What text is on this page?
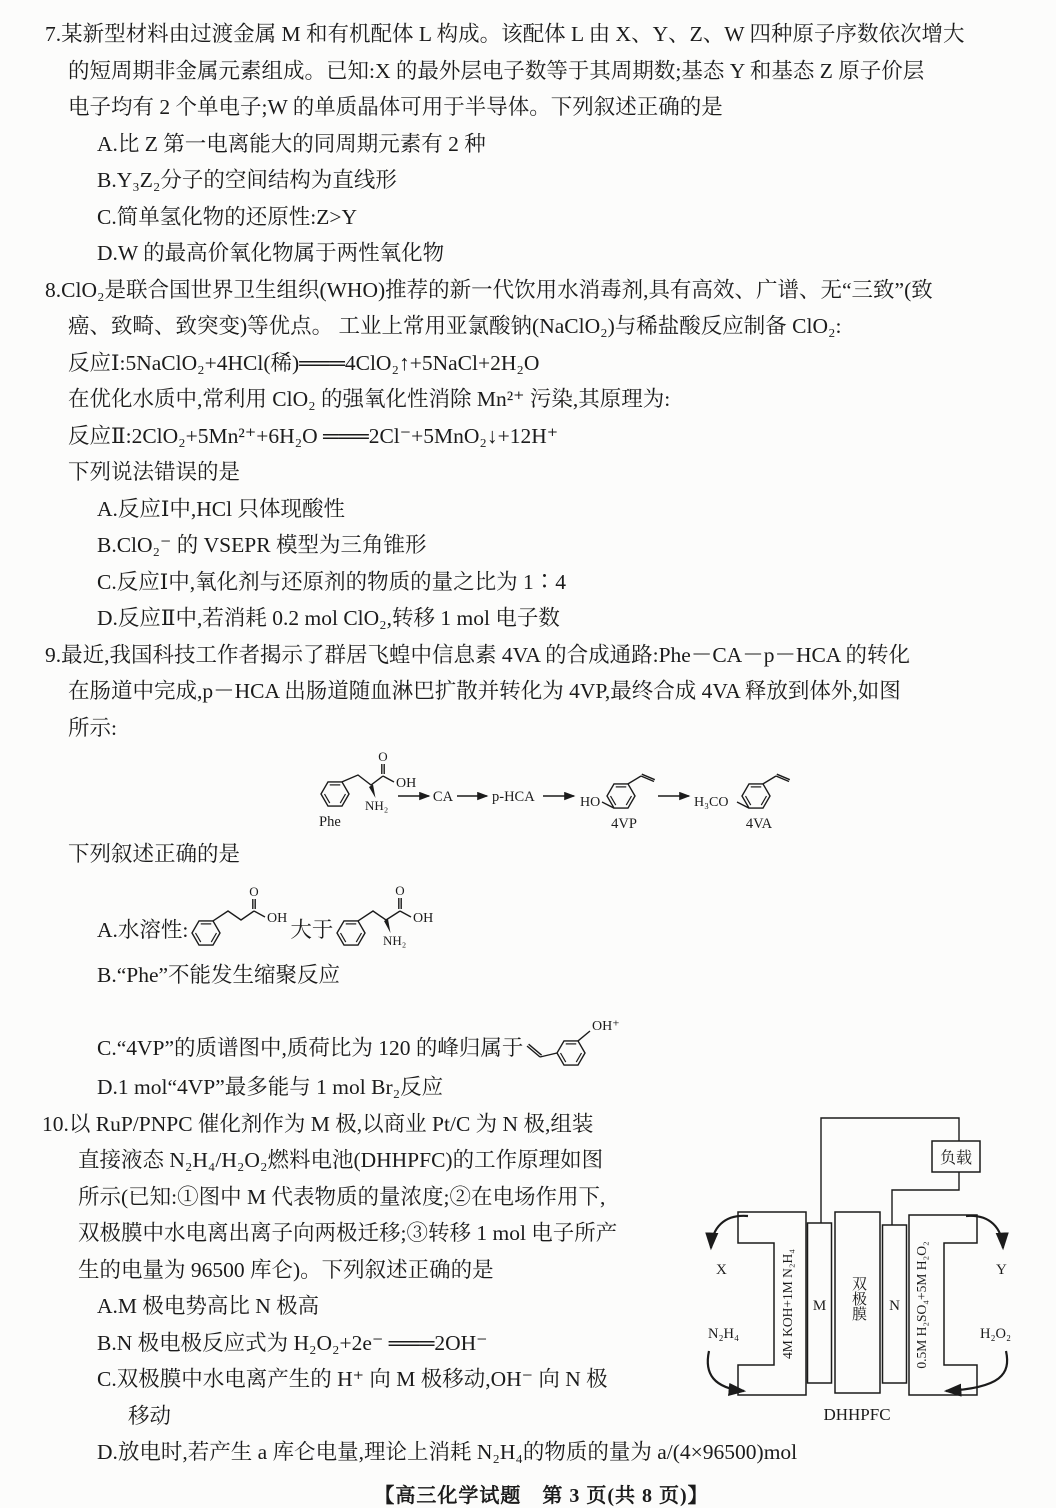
7.某新型材料由过渡金属 M 和有机配体 L 构成。该配体 L 由 X、Y、Z、W 四种原子序数依次增大
的短周期非金属元素组成。已知:X 的最外层电子数等于其周期数;基态 Y 和基态 Z 原子价层
电子均有 2 个单电子;W 的单质晶体可用于半导体。下列叙述正确的是
A.比 Z 第一电离能大的同周期元素有 2 种
B.Y₃Z₂分子的空间结构为直线形
C.简单氢化物的还原性:Z>Y
D.W 的最高价氧化物属于两性氧化物
8.ClO₂是联合国世界卫生组织(WHO)推荐的新一代饮用水消毒剂,具有高效、广谱、无“三致”(致
癌、致畸、致突变)等优点。 工业上常用亚氯酸钠(NaClO₂)与稀盐酸反应制备 ClO₂:
反应Ⅰ:5NaClO₂+4HCl(稀)═══4ClO₂↑+5NaCl+2H₂O
在优化水质中,常利用 ClO₂ 的强氧化性消除 Mn²⁺ 污染,其原理为:
反应Ⅱ:2ClO₂+5Mn²⁺+6H₂O ═══2Cl⁻+5MnO₂↓+12H⁺
下列说法错误的是
A.反应Ⅰ中,HCl 只体现酸性
B.ClO₂⁻ 的 VSEPR 模型为三角锥形
C.反应Ⅰ中,氧化剂与还原剂的物质的量之比为 1∶4
D.反应Ⅱ中,若消耗 0.2 mol ClO₂,转移 1 mol 电子数
9.最近,我国科技工作者揭示了群居飞蝗中信息素 4VA 的合成通路:Phe－CA－p－HCA 的转化
在肠道中完成,p－HCA 出肠道随血淋巴扩散并转化为 4VP,最终合成 4VA 释放到体外,如图
所示:
O
OH
NH₂
Phe
CA	p-HCA	HO
4VP
H₃CO
4VA
下列叙述正确的是
A.水溶性:
O
OH 大于	NH₂
O
OH
B.“Phe”不能发生缩聚反应
C.“4VP”的质谱图中,质荷比为 120 的峰归属于
OH⁺
D.1 mol“4VP”最多能与 1 mol Br₂反应
10.以 RuP/PNPC 催化剂作为 M 极,以商业 Pt/C 为 N 极,组装
直接液态 N₂H₄/H₂O₂燃料电池(DHHPFC)的工作原理如图
所示(已知:①图中 M 代表物质的量浓度;②在电场作用下,
双极膜中水电离出离子向两极迁移;③转移 1 mol 电子所产
生的电量为 96500 库仑)。下列叙述正确的是
A.M 极电势高比 N 极高
B.N 极电极反应式为 H₂O₂+2e⁻ ═══2OH⁻
C.双极膜中水电离产生的 H⁺ 向 M 极移动,OH⁻ 向 N 极
移动
D.放电时,若产生 a 库仑电量,理论上消耗 N₂H₄的物质的量为 a/(4×96500)mol
负载
4M KOH+1M N₂H₄ M 双极膜 N 0.5M H₂SO₄+5M H₂O₂
X
N₂H₄
Y
H₂O₂
DHHPFC
【高三化学试题　第 3 页(共 8 页)】
